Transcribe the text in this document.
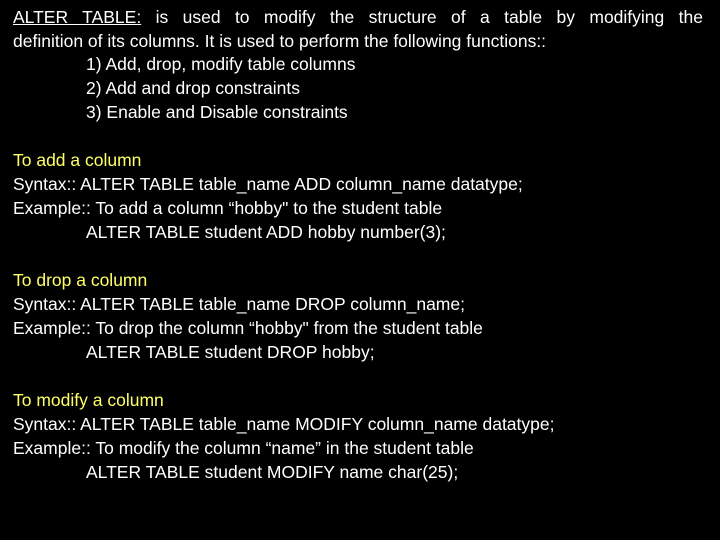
ALTER TABLE: is used to modify the structure of a table by modifying the
definition of its columns. It is used to perform the following functions::
1) Add, drop, modify table columns
2) Add and drop constraints
3) Enable and Disable constraints
To add a column
Syntax:: ALTER TABLE table_name ADD column_name datatype;
Example:: To add a column “hobby" to the student table
ALTER TABLE student ADD hobby number(3);
To drop a column
Syntax:: ALTER TABLE table_name DROP column_name;
Example:: To drop the column “hobby" from the student table
ALTER TABLE student DROP hobby;
To modify a column
Syntax:: ALTER TABLE table_name MODIFY column_name datatype;
Example:: To modify the column “name” in the student table
ALTER TABLE student MODIFY name char(25);
